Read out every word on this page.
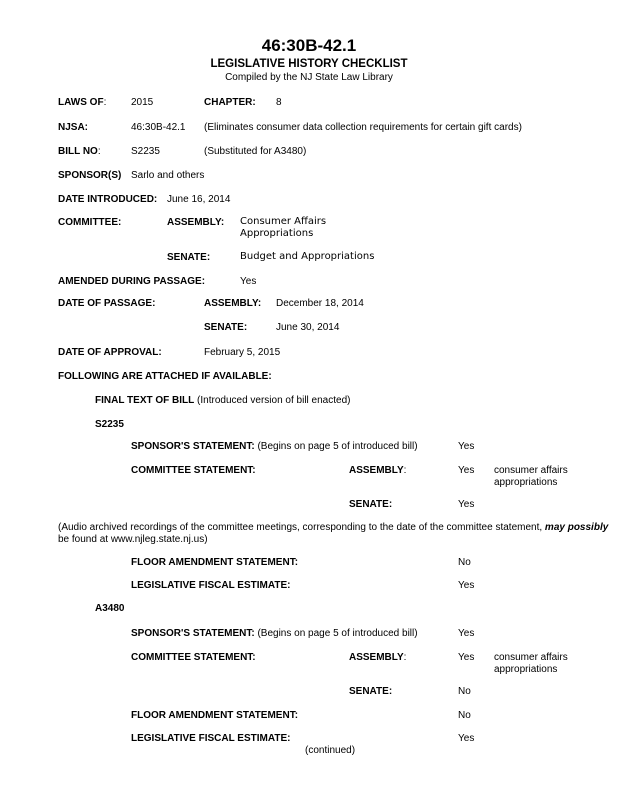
46:30B-42.1
LEGISLATIVE HISTORY CHECKLIST
Compiled by the NJ State Law Library
LAWS OF: 2015	CHAPTER: 8
NJSA:	46:30B-42.1 (Eliminates consumer data collection requirements for certain gift cards)
BILL NO:	S2235	(Substituted for A3480)
SPONSOR(S) Sarlo and others
DATE INTRODUCED: June 16, 2014
COMMITTEE:	ASSEMBLY: Consumer Affairs
Appropriations
SENATE:	Budget and Appropriations
AMENDED DURING PASSAGE:	Yes
DATE OF PASSAGE:	ASSEMBLY: December 18, 2014
SENATE:	June 30, 2014
DATE OF APPROVAL:	February 5, 2015
FOLLOWING ARE ATTACHED IF AVAILABLE:
FINAL TEXT OF BILL (Introduced version of bill enacted)
S2235
SPONSOR'S STATEMENT: (Begins on page 5 of introduced bill)	Yes
COMMITTEE STATEMENT:	ASSEMBLY:	Yes consumer affairs
appropriations
SENATE:	Yes
(Audio archived recordings of the committee meetings, corresponding to the date of the committee statement, may possibly
be found at www.njleg.state.nj.us)
FLOOR AMENDMENT STATEMENT:	No
LEGISLATIVE FISCAL ESTIMATE:	Yes
A3480
SPONSOR'S STATEMENT: (Begins on page 5 of introduced bill)	Yes
COMMITTEE STATEMENT:	ASSEMBLY:	Yes consumer affairs
appropriations
SENATE:	No
FLOOR AMENDMENT STATEMENT:	No
LEGISLATIVE FISCAL ESTIMATE:	Yes
(continued)
